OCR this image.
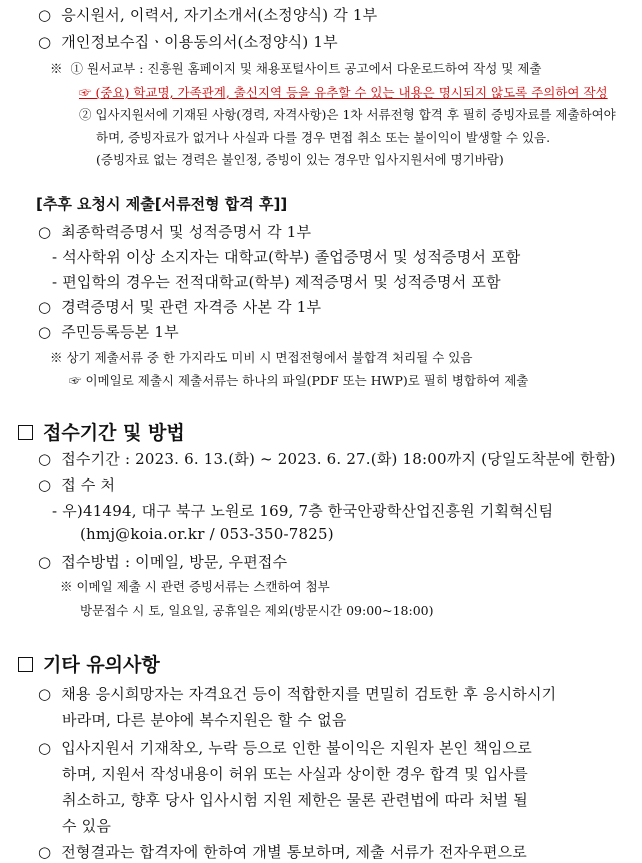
○ 응시원서, 이력서, 자기소개서(소정양식) 각 1부
○ 개인정보수집ㆍ이용동의서(소정양식) 1부
※ ① 원서교부 : 진흥원 홈페이지 및 채용포털사이트 공고에서 다운로드하여 작성 및 제출
☞ (중요) 학교명, 가족관계, 출신지역 등을 유추할 수 있는 내용은 명시되지 않도록 주의하여 작성
② 입사지원서에 기재된 사항(경력, 자격사항)은 1차 서류전형 합격 후 필히 증빙자료를 제출하여야
하며, 증빙자료가 없거나 사실과 다를 경우 면접 취소 또는 불이익이 발생할 수 있음.
(증빙자료 없는 경력은 불인정, 증빙이 있는 경우만 입사지원서에 명기바람)
[추후 요청시 제출[서류전형 합격 후]]
○ 최종학력증명서 및 성적증명서 각 1부
- 석사학위 이상 소지자는 대학교(학부) 졸업증명서 및 성적증명서 포함
- 편입학의 경우는 전적대학교(학부) 제적증명서 및 성적증명서 포함
○ 경력증명서 및 관련 자격증 사본 각 1부
○ 주민등록등본 1부
※ 상기 제출서류 중 한 가지라도 미비 시 면접전형에서 불합격 처리될 수 있음
☞ 이메일로 제출시 제출서류는 하나의 파일(PDF 또는 HWP)로 필히 병합하여 제출
접수기간 및 방법
○ 접수기간 : 2023. 6. 13.(화) ~ 2023. 6. 27.(화) 18:00까지 (당일도착분에 한함)
○ 접 수 처
- 우)41494, 대구 북구 노원로 169, 7층 한국안광학산업진흥원 기획혁신팀
(hmj@koia.or.kr / 053-350-7825)
○ 접수방법 : 이메일, 방문, 우편접수
※ 이메일 제출 시 관련 증빙서류는 스캔하여 첨부
방문접수 시 토, 일요일, 공휴일은 제외(방문시간 09:00~18:00)
기타 유의사항
○ 채용 응시희망자는 자격요건 등이 적합한지를 면밀히 검토한 후 응시하시기
바라며, 다른 분야에 복수지원은 할 수 없음
○ 입사지원서 기재착오, 누락 등으로 인한 불이익은 지원자 본인 책임으로
하며, 지원서 작성내용이 허위 또는 사실과 상이한 경우 합격 및 입사를
취소하고, 향후 당사 입사시험 지원 제한은 물론 관련법에 따라 처벌 될
수 있음
○ 전형결과는 합격자에 한하여 개별 통보하며, 제출 서류가 전자우편으로
